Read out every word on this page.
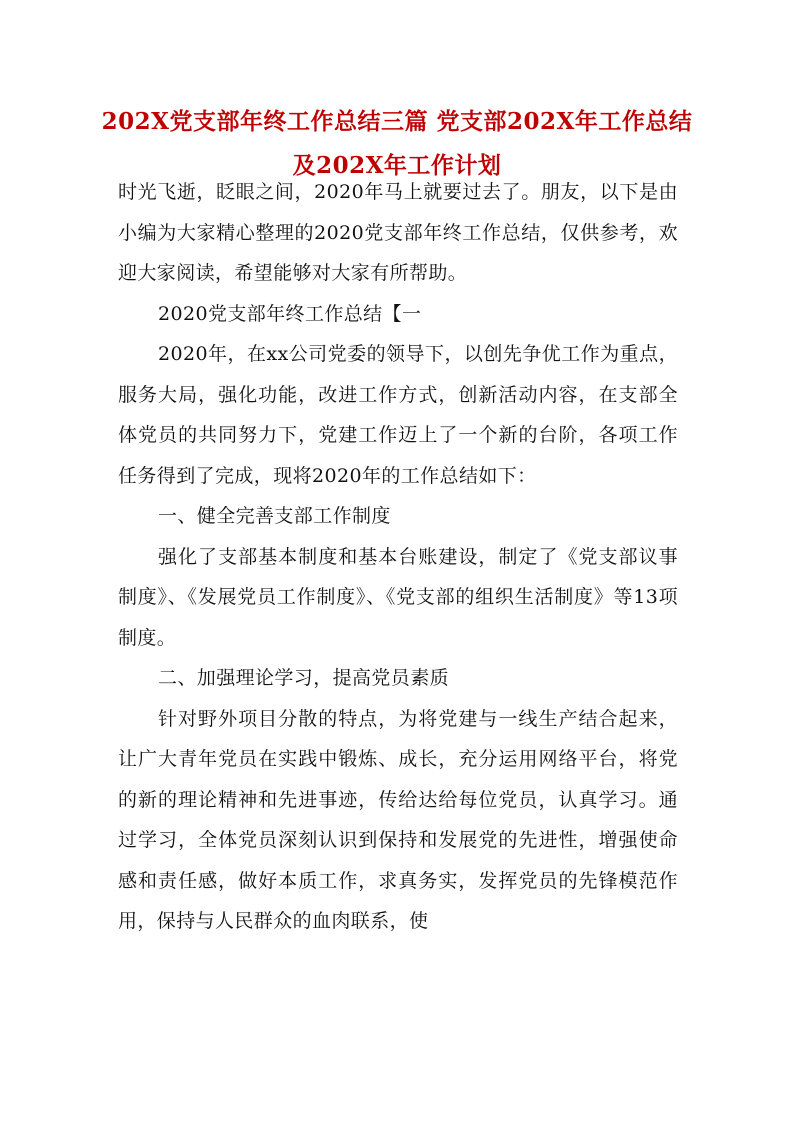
202X党支部年终工作总结三篇 党支部202X年工作总结及202X年工作计划

时光飞逝，眨眼之间，2020年马上就要过去了。朋友，以下是由小编为大家精心整理的2020党支部年终工作总结，仅供参考，欢迎大家阅读，希望能够对大家有所帮助。

2020党支部年终工作总结【一

2020年，在xx公司党委的领导下，以创先争优工作为重点，服务大局，强化功能，改进工作方式，创新活动内容，在支部全体党员的共同努力下，党建工作迈上了一个新的台阶，各项工作任务得到了完成，现将2020年的工作总结如下：

一、健全完善支部工作制度

强化了支部基本制度和基本台账建设，制定了《党支部议事制度》、《发展党员工作制度》、《党支部的组织生活制度》等13项制度。

二、加强理论学习，提高党员素质

针对野外项目分散的特点，为将党建与一线生产结合起来，让广大青年党员在实践中锻炼、成长，充分运用网络平台，将党的新的理论精神和先进事迹，传给达给每位党员，认真学习。通过学习，全体党员深刻认识到保持和发展党的先进性，增强使命感和责任感，做好本质工作，求真务实，发挥党员的先锋模范作用，保持与人民群众的血肉联系，使
